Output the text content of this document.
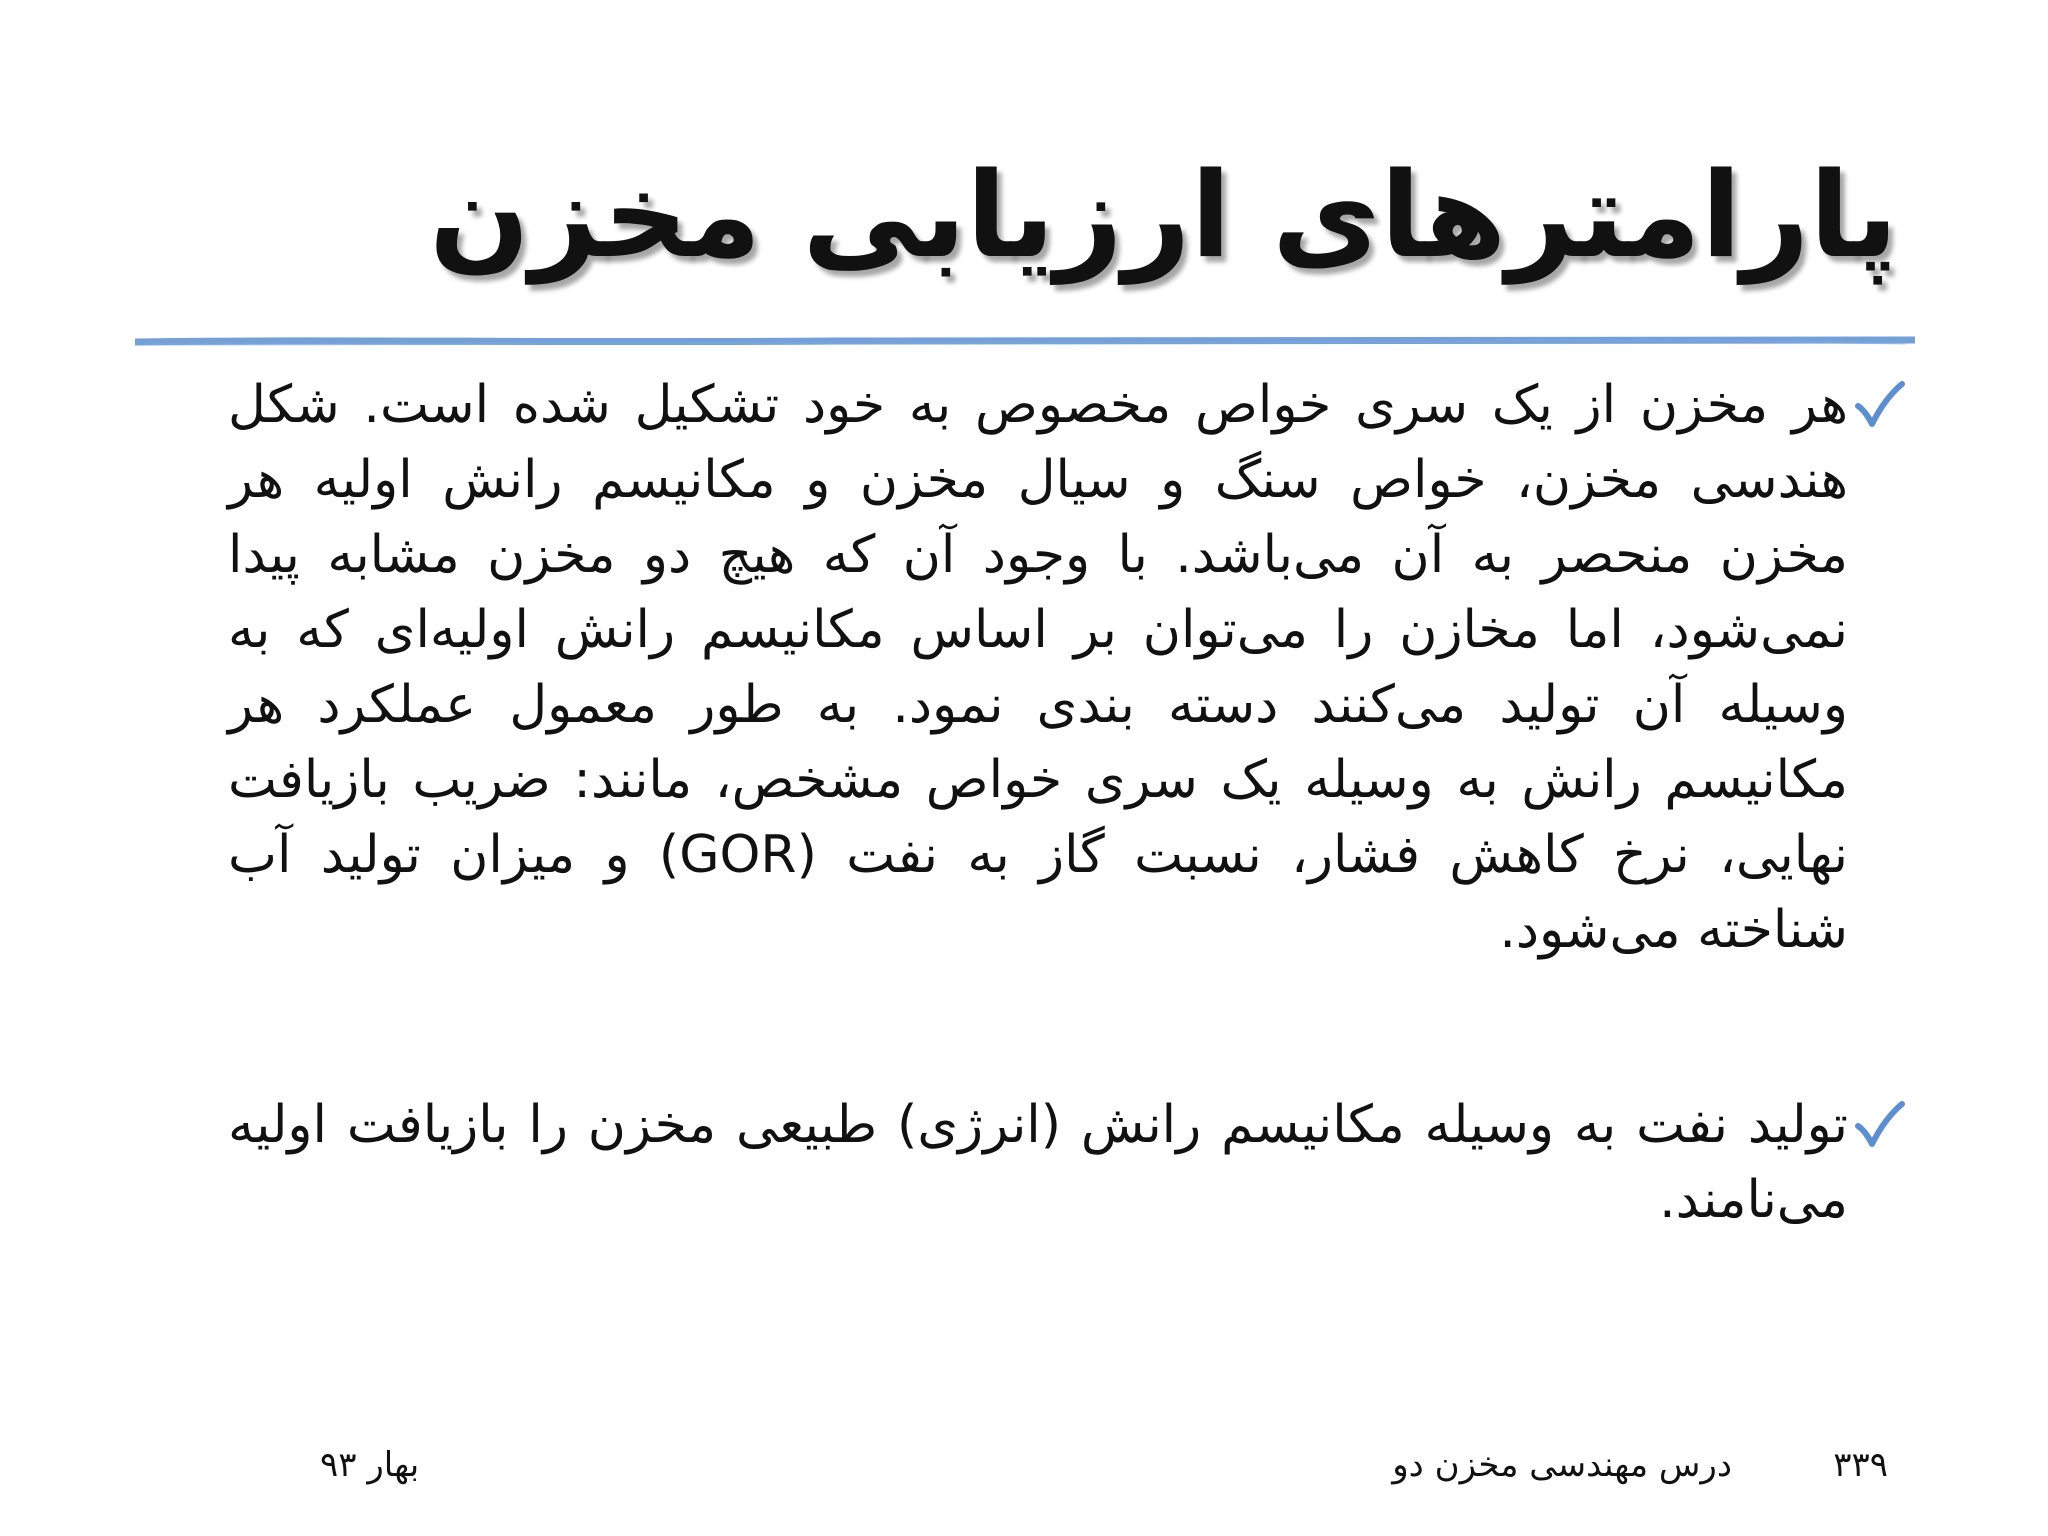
پارامترهای ارزیابی مخزن
هر مخزن از یک سری خواص مخصوص به خود تشکیل شده است. شکل هندسی مخزن، خواص سنگ و سیال مخزن و مکانیسم رانش اولیه هر مخزن منحصر به آن می‌باشد. با وجود آن که هیچ دو مخزن مشابه پیدا نمی‌شود، اما مخازن را می‌توان بر اساس مکانیسم رانش اولیه‌ای که به وسیله آن تولید می‌کنند دسته بندی نمود. به طور معمول عملکرد هر مکانیسم رانش به وسیله یک سری خواص مشخص، مانند: ضریب بازیافت نهایی، نرخ کاهش فشار، نسبت گاز به نفت (GOR) و میزان تولید آب شناخته می‌شود.
تولید نفت به وسیله مکانیسم رانش (انرژی) طبیعی مخزن را بازیافت اولیه می‌نامند.
۳۳۹
درس مهندسی مخزن دو
بهار ۹۳
